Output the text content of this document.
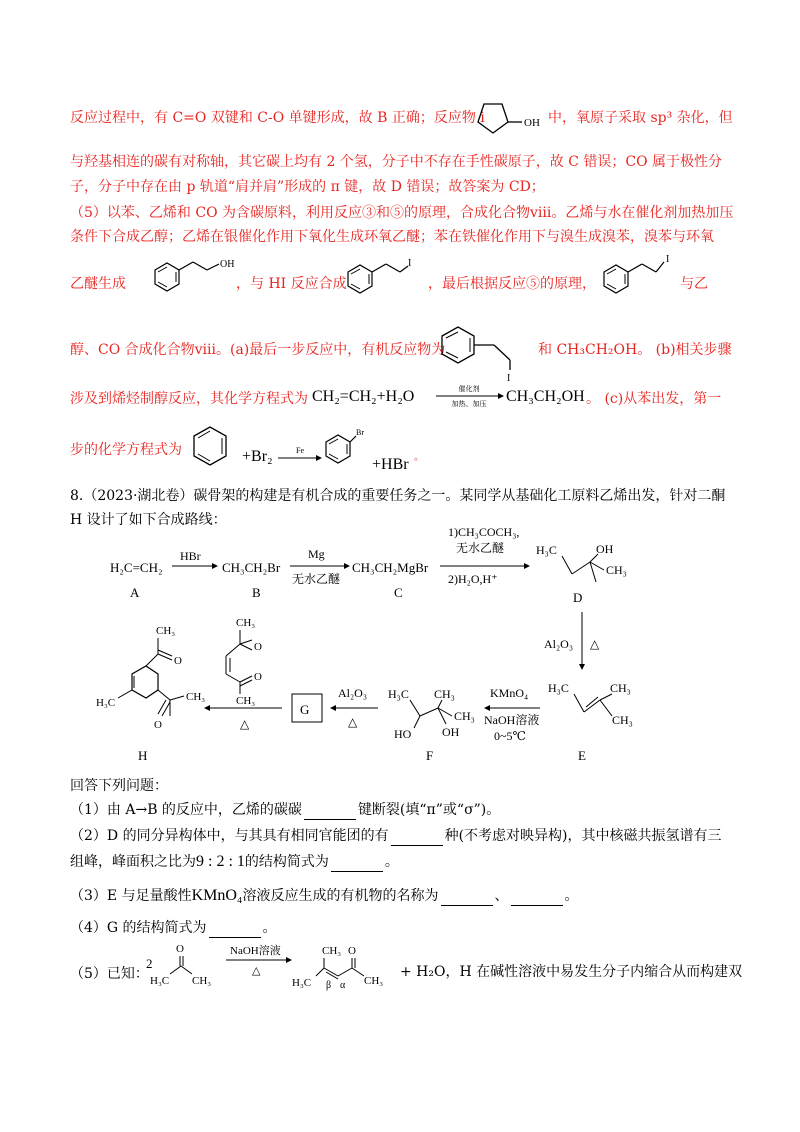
反应过程中，有 C=O 双键和 C-O 单键形成，故 B 正确；反应物 i	OH 中，氧原子采取 sp³ 杂化，但
与羟基相连的碳有对称轴，其它碳上均有 2 个氢，分子中不存在手性碳原子，故 C 错误；CO 属于极性分
子，分子中存在由 p 轨道“肩并肩”形成的 π 键，故 D 错误；故答案为 CD；
（5）以苯、乙烯和 CO 为含碳原料，利用反应③和⑤的原理，合成化合物ⅷ。乙烯与水在催化剂加热加压
条件下合成乙醇；乙烯在银催化作用下氧化生成环氧乙醚；苯在铁催化作用下与溴生成溴苯，溴苯与环氧
乙醚生成
OH
，与 HI 反应合成
I
，最后根据反应⑤的原理，
I
与乙
醇、CO 合成化合物ⅷ。(a)最后一步反应中，有机反应物为
I
和 CH₃CH₂OH。 (b)相关步骤
涉及到烯烃制醇反应，其化学方程式为 CH₂=CH₂+H₂O	催化剂
加热、加压 CH₃CH₂OH 。 (c)从苯出发，第一
步的化学方程式为	+Br₂	Fe
Br
+HBr 。
8.（2023·湖北卷）碳骨架的构建是有机合成的重要任务之一。某同学从基础化工原料乙烯出发，针对二酮
H 设计了如下合成路线：
H₂C=CH₂
A
HBr
CH₃CH₂Br
B
Mg
无水乙醚
CH₃CH₂MgBr
C
1)CH₃COCH₃,
无水乙醚
2)H₂O,H⁺
H₃C	OH
CH₃
D
Al₂O₃ △
H₃C	CH₃
CH₃
E
KMnO₄
NaOH溶液
0~5℃
H₃C CH₃
CH₃
HO	OH
F
Al₂O₃
△
G
△
CH₃
O
O
CH₃
CH₃
O
CH₃
O
H₃C
H
回答下列问题：
（1）由 A→B 的反应中，乙烯的碳碳	键断裂(填“π”或“σ”)。
（2）D 的同分异构体中，与其具有相同官能团的有	种(不考虑对映异构)，其中核磁共振氢谱有三
组峰，峰面积之比为9 : 2 : 1的结构简式为	。
（3）E 与足量酸性KMnO₄溶液反应生成的有机物的名称为	、	。
（4）G 的结构简式为	。
（5）已知：
2
O
H₃C CH₃
NaOH溶液
△
CH₃ O
H₃C β α CH₃
+ H₂O，H 在碱性溶液中易发生分子内缩合从而构建双
